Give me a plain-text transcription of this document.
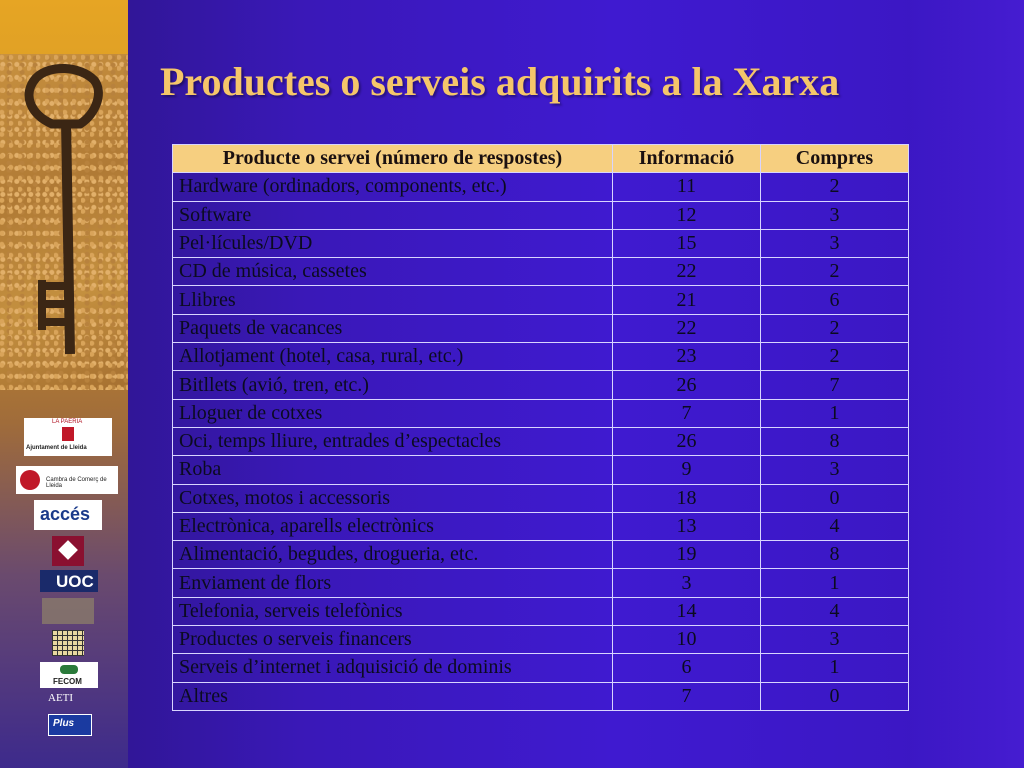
LA PAERIA
Ajuntament de Lleida
Cambra de Comerç de Lleida
accés
UOC
FECOM
Plus
AETI
Productes o serveis adquirits a la Xarxa
Producte o servei (número de respostes)	Informació	Compres
Hardware (ordinadors, components, etc.)	11	2
Software	12	3
Pel·lícules/DVD	15	3
CD de música, cassetes	22	2
Llibres	21	6
Paquets de vacances	22	2
Allotjament (hotel, casa, rural, etc.)	23	2
Bitllets (avió, tren, etc.)	26	7
Lloguer de cotxes	7	1
Oci, temps lliure, entrades d’espectacles	26	8
Roba	9	3
Cotxes, motos i accessoris	18	0
Electrònica, aparells electrònics	13	4
Alimentació, begudes, drogueria, etc.	19	8
Enviament de flors	3	1
Telefonia, serveis telefònics	14	4
Productes o serveis financers	10	3
Serveis d’internet i adquisició de dominis	6	1
Altres	7	0
